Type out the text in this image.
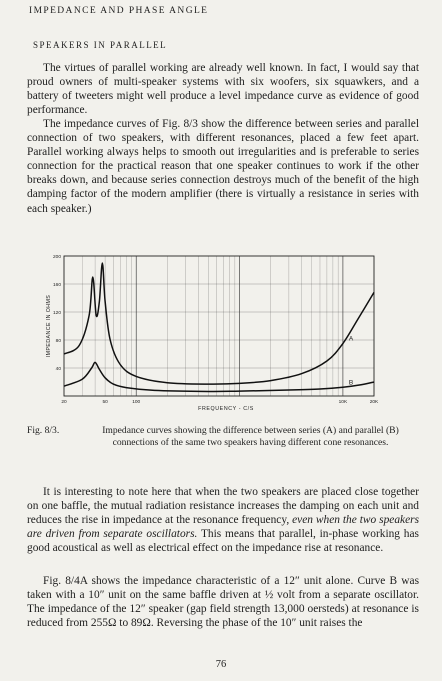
IMPEDANCE AND PHASE ANGLE
SPEAKERS IN PARALLEL

The virtues of parallel working are already well known. In fact, I would say that proud owners of multi-speaker systems with six woofers, six squawkers, and a battery of tweeters might well produce a level impedance curve as evidence of good performance.

The impedance curves of Fig. 8/3 show the difference between series and parallel connection of two speakers, with different resonances, placed a few feet apart. Parallel working always helps to smooth out irregularities and is preferable to series connection for the practical reason that one speaker continues to work if the other breaks down, and because series connection destroys much of the benefit of the high damping factor of the modern amplifier (there is virtually a resistance in series with each speaker.)

A
B
40
80
120
160
200
20	50	100	10K	20K
IMPEDANCE IN OHMS
FREQUENCY - C/S
Fig. 8/3.	Impedance curves showing the difference between series (A) and parallel (B) connections of the same two speakers having different cone resonances.

It is interesting to note here that when the two speakers are placed close together on one baffle, the mutual radiation resistance increases the damping on each unit and reduces the rise in impedance at the resonance frequency, even when the two speakers are driven from separate oscillators. This means that parallel, in-phase working has good acoustical as well as electrical effect on the impedance rise at resonance.

Fig. 8/4A shows the impedance characteristic of a 12″ unit alone. Curve B was taken with a 10″ unit on the same baffle driven at ½ volt from a separate oscillator. The impedance of the 12″ speaker (gap field strength 13,000 oersteds) at resonance is reduced from 255Ω to 89Ω. Reversing the phase of the 10″ unit raises the

76
